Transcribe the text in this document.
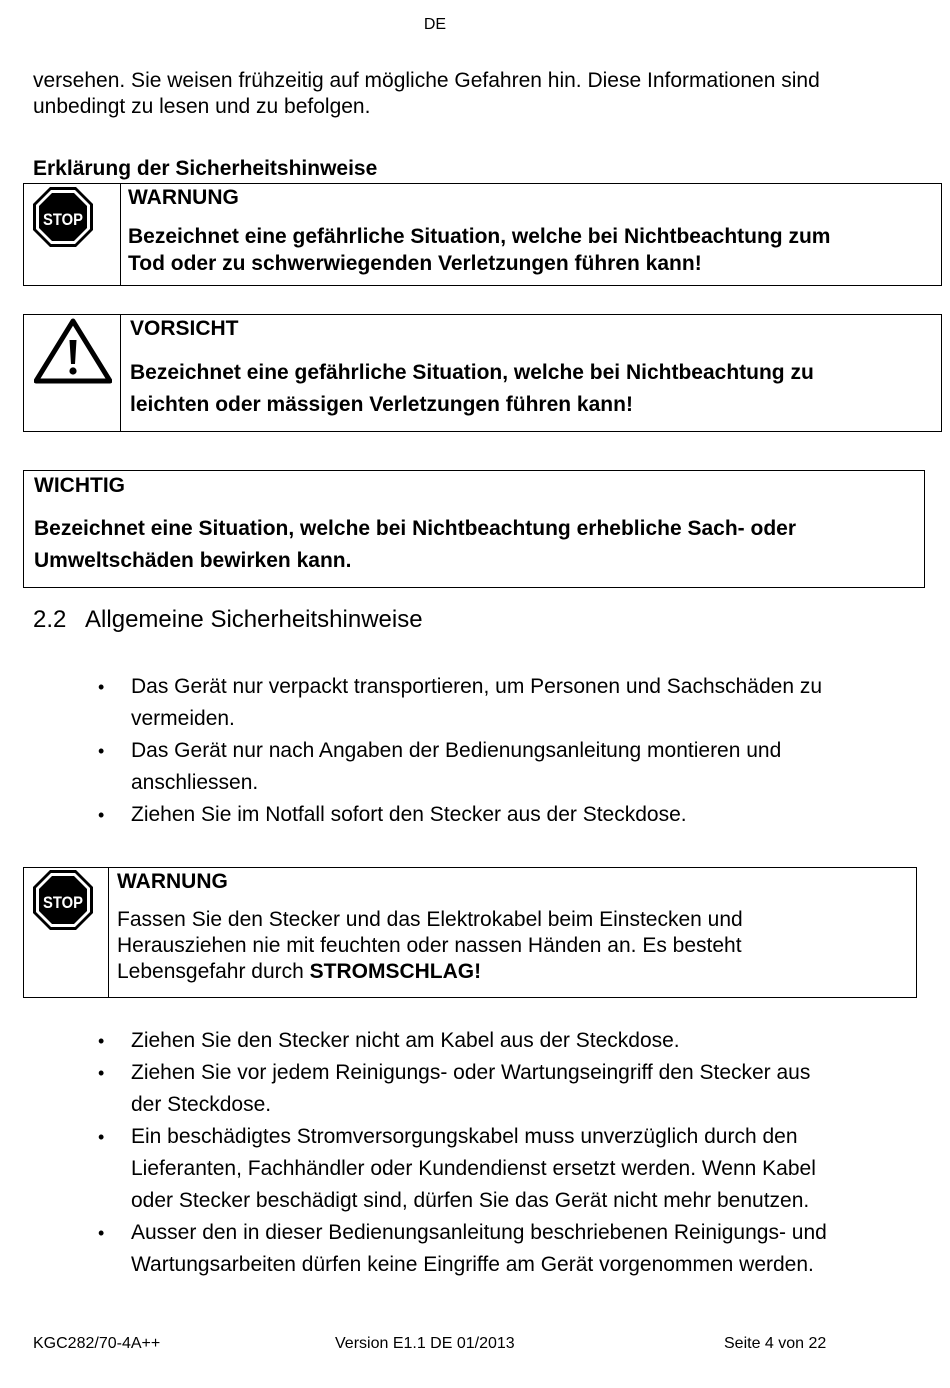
DE
versehen. Sie weisen frühzeitig auf mögliche Gefahren hin. Diese Informationen sind
unbedingt zu lesen und zu befolgen.
Erklärung der Sicherheitshinweise
STOP
WARNUNG
Bezeichnet eine gefährliche Situation, welche bei Nichtbeachtung zum
Tod oder zu schwerwiegenden Verletzungen führen kann!
VORSICHT
Bezeichnet eine gefährliche Situation, welche bei Nichtbeachtung zu
leichten oder mässigen Verletzungen führen kann!
WICHTIG
Bezeichnet eine Situation, welche bei Nichtbeachtung erhebliche Sach- oder
Umweltschäden bewirken kann.
2.2 Allgemeine Sicherheitshinweise
• Das Gerät nur verpackt transportieren, um Personen und Sachschäden zu
vermeiden.
• Das Gerät nur nach Angaben der Bedienungsanleitung montieren und
anschliessen.
• Ziehen Sie im Notfall sofort den Stecker aus der Steckdose.
STOP
WARNUNG
Fassen Sie den Stecker und das Elektrokabel beim Einstecken und
Herausziehen nie mit feuchten oder nassen Händen an. Es besteht
Lebensgefahr durch STROMSCHLAG!
• Ziehen Sie den Stecker nicht am Kabel aus der Steckdose.
• Ziehen Sie vor jedem Reinigungs- oder Wartungseingriff den Stecker aus
der Steckdose.
• Ein beschädigtes Stromversorgungskabel muss unverzüglich durch den
Lieferanten, Fachhändler oder Kundendienst ersetzt werden. Wenn Kabel
oder Stecker beschädigt sind, dürfen Sie das Gerät nicht mehr benutzen.
• Ausser den in dieser Bedienungsanleitung beschriebenen Reinigungs- und
Wartungsarbeiten dürfen keine Eingriffe am Gerät vorgenommen werden.
KGC282/70-4A++	Version E1.1 DE 01/2013	Seite 4 von 22
